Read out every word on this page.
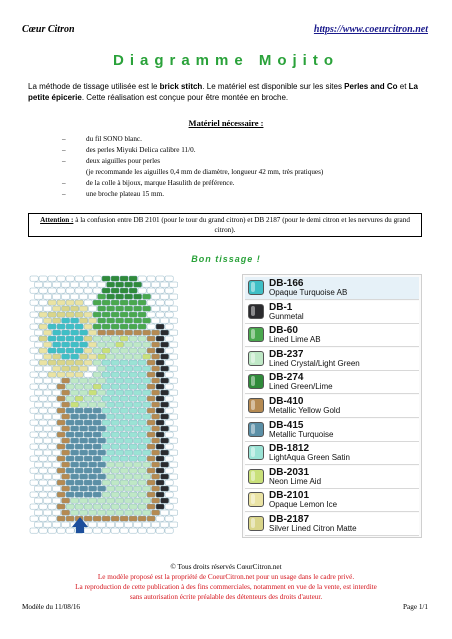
Cœur Citron	https://www.coeurcitron.net
Diagramme Mojito
La méthode de tissage utilisée est le brick stitch. Le matériel est disponible sur les sites Perles and Co et La petite épicerie. Cette réalisation est conçue pour être montée en broche.
Matériel nécessaire :
– du fil SONO blanc.
– des perles Miyuki Delica calibre 11/0.
– deux aiguilles pour perles
(je recommande les aiguilles 0,4 mm de diamètre, longueur 42 mm, très pratiques)
– de la colle à bijoux, marque Hasulith de préférence.
– une broche plateau 15 mm.
Attention : à la confusion entre DB 2101 (pour le tour du grand citron) et DB 2187 (pour le demi citron et les nervures du grand citron).
Bon tissage !
DB-166
Opaque Turquoise AB
DB-1
Gunmetal
DB-60
Lined Lime AB
DB-237
Lined Crystal/Light Green
DB-274
Lined Green/Lime
DB-410
Metallic Yellow Gold
DB-415
Metallic Turquoise
DB-1812
LightAqua Green Satin
DB-2031
Neon Lime Aid
DB-2101
Opaque Lemon Ice
DB-2187
Silver Lined Citron Matte
© Tous droits réservés CœurCitron.net
Le modèle proposé est la propriété de CoeurCitron.net pour un usage dans le cadre privé.
La reproduction de cette publication à des fins commerciales, notamment en vue de la vente, est interdite
sans autorisation écrite préalable des détenteurs des droits d'auteur.
Modèle du 11/08/16	Page 1/1
